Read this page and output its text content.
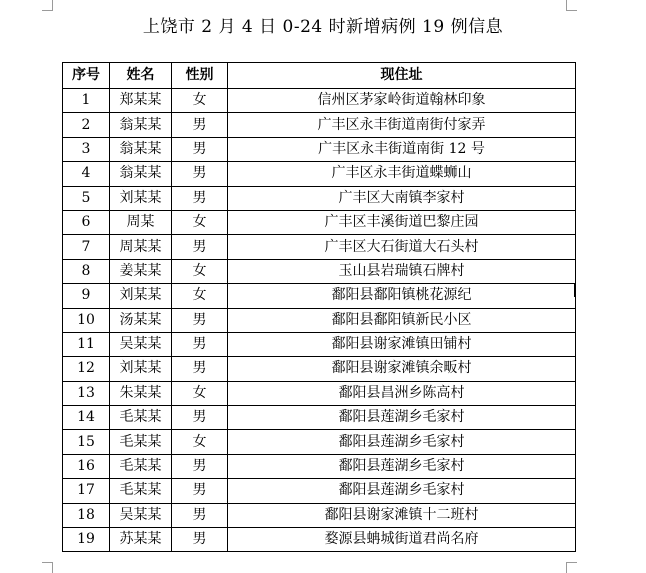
上饶市 2 月 4 日 0-24 时新增病例 19 例信息
序号	姓名	性别	现住址
1	郑某某	女	信州区茅家岭街道翰林印象
2	翁某某	男	广丰区永丰街道南街付家弄
3	翁某某	男	广丰区永丰街道南街 12 号
4	翁某某	男	广丰区永丰街道蝶蛳山
5	刘某某	男	广丰区大南镇李家村
6	周某	女	广丰区丰溪街道巴黎庄园
7	周某某	男	广丰区大石街道大石头村
8	姜某某	女	玉山县岩瑞镇石牌村
9	刘某某	女	鄱阳县鄱阳镇桃花源纪
10	汤某某	男	鄱阳县鄱阳镇新民小区
11	吴某某	男	鄱阳县谢家滩镇田铺村
12	刘某某	男	鄱阳县谢家滩镇余畈村
13	朱某某	女	鄱阳县昌洲乡陈高村
14	毛某某	男	鄱阳县莲湖乡毛家村
15	毛某某	女	鄱阳县莲湖乡毛家村
16	毛某某	男	鄱阳县莲湖乡毛家村
17	毛某某	男	鄱阳县莲湖乡毛家村
18	吴某某	男	鄱阳县谢家滩镇十二班村
19	苏某某	男	婺源县蚺城街道君尚名府
